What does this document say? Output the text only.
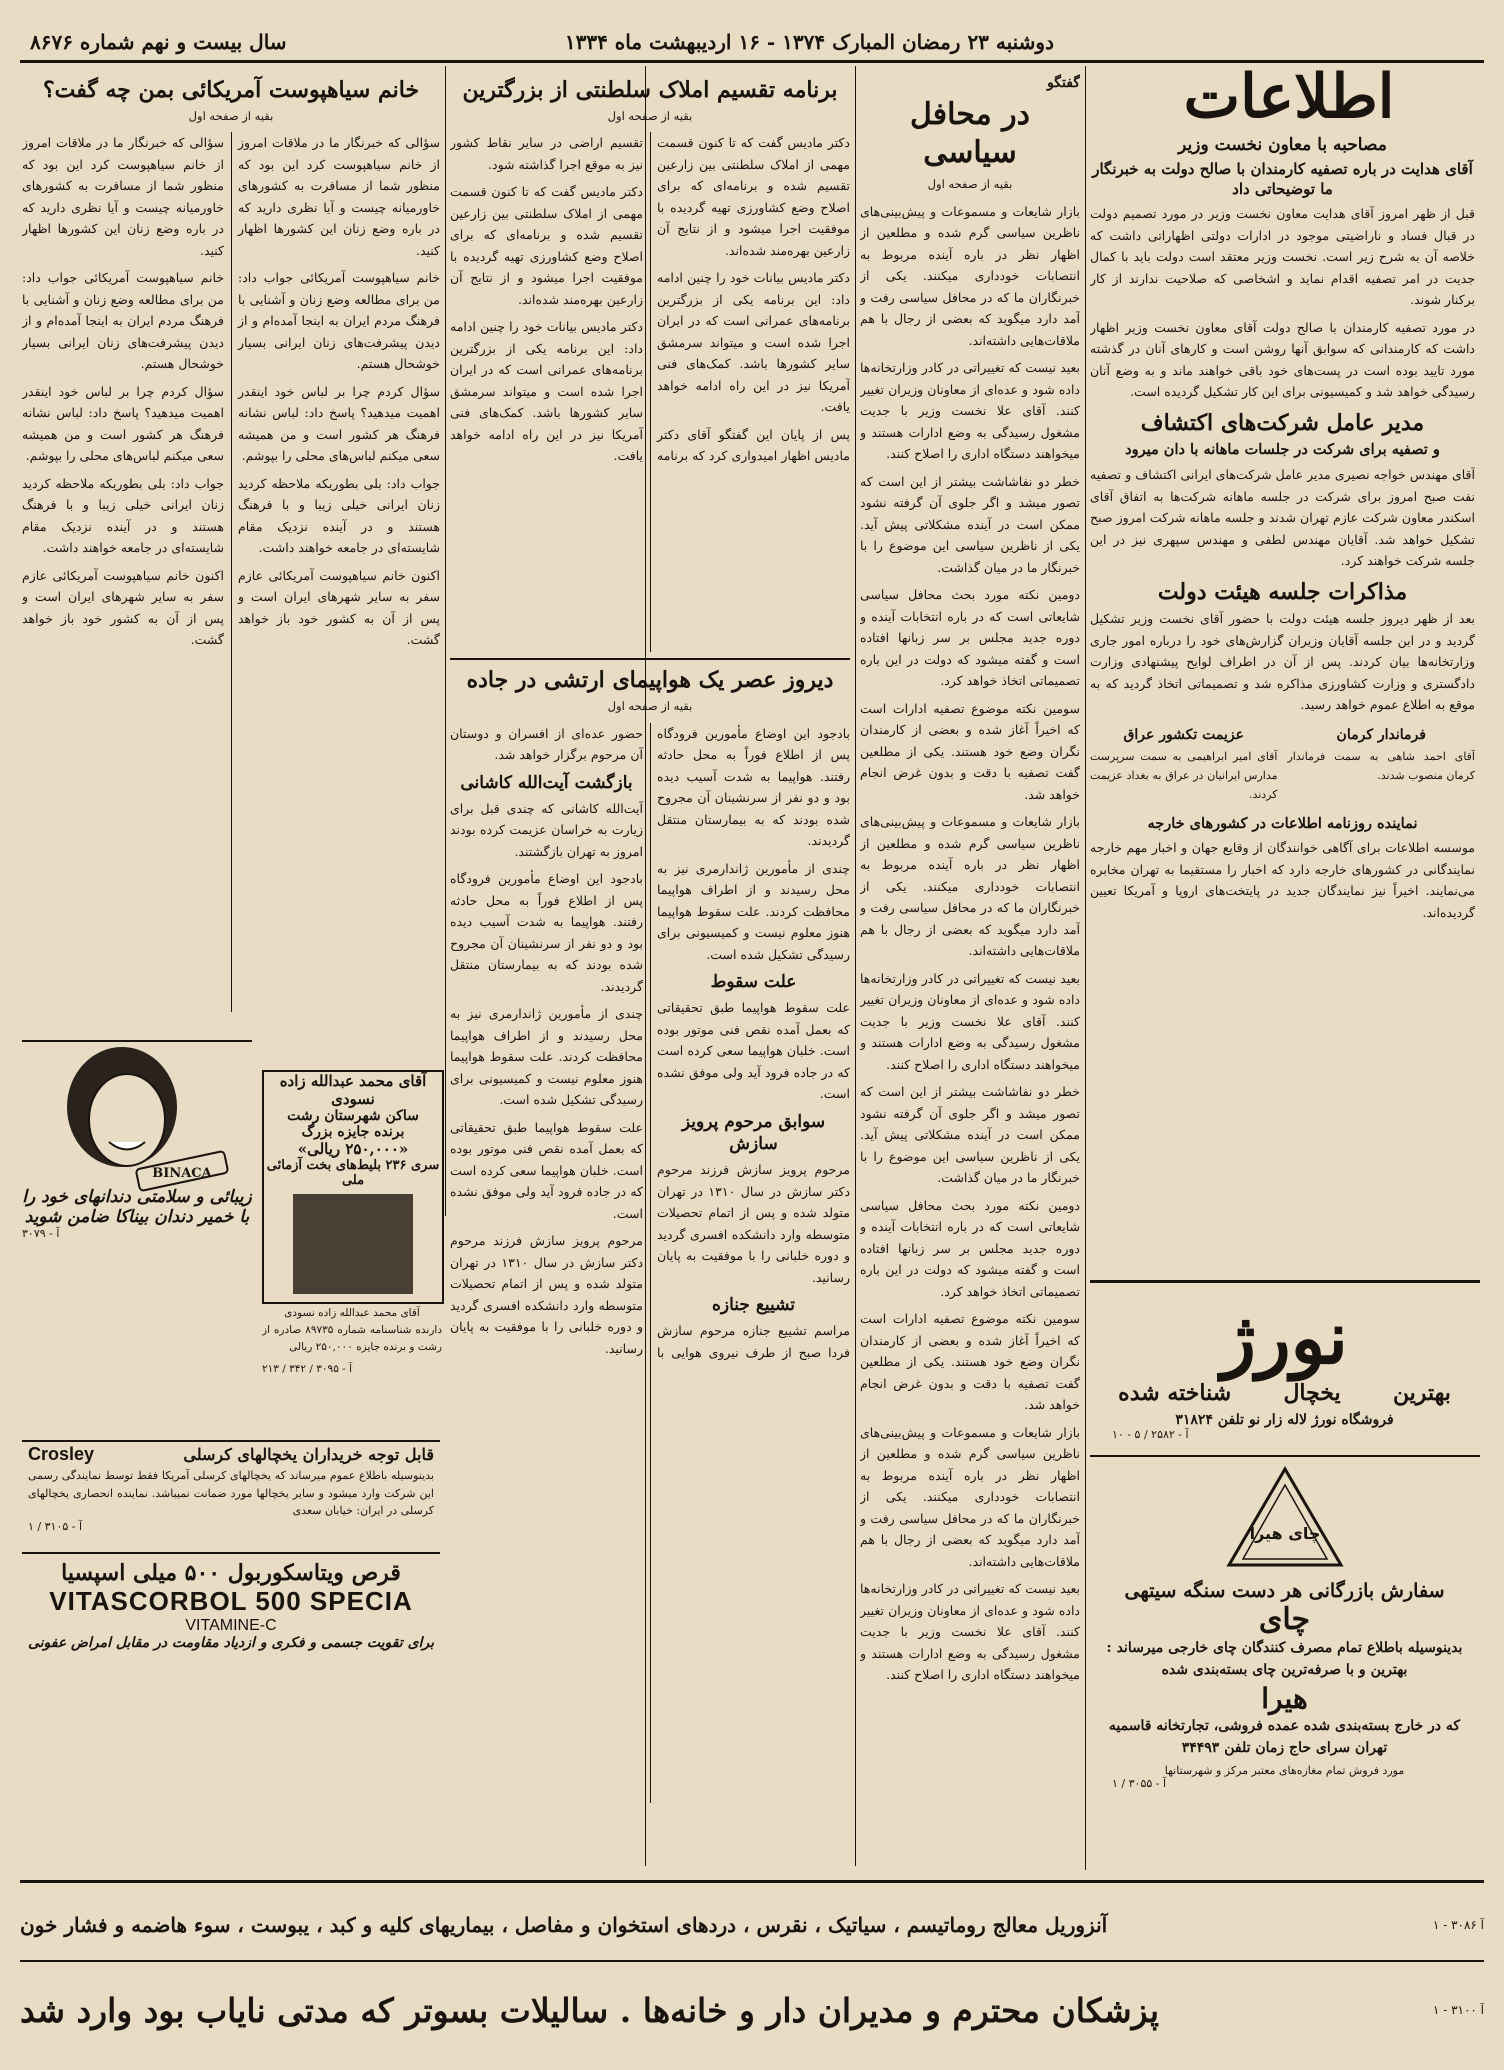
سال بیست و نهم شماره ۸۶۷۶	دوشنبه ۲۳ رمضان المبارک ۱۳۷۴ - ۱۶ اردیبهشت ماه ۱۳۳۴
اطلاعات
مصاحبه با معاون نخست وزیر
آقای هدایت در باره تصفیه کارمندان با صالح دولت به خبرنگار ما توضیحاتی داد

قبل از ظهر امروز آقای هدایت معاون نخست وزیر در مورد تصمیم دولت در قبال فساد و ناراضیتی موجود در ادارات دولتی اظهاراتی داشت که خلاصه آن به شرح زیر است. نخست وزیر معتقد است دولت باید با کمال جدیت در امر تصفیه اقدام نماید و اشخاصی که صلاحیت ندارند از کار برکنار شوند.

در مورد تصفیه کارمندان با صالح دولت آقای معاون نخست وزیر اظهار داشت که کارمندانی که سوابق آنها روشن است و کارهای آنان در گذشته مورد تایید بوده است در پست‌های خود باقی خواهند ماند و به وضع آنان رسیدگی خواهد شد و کمیسیونی برای این کار تشکیل گردیده است.

مدیر عامل شرکت‌های اکتشاف
و تصفیه برای شرکت در جلسات ماهانه با دان میرود

آقای مهندس خواجه نصیری مدیر عامل شرکت‌های ایرانی اکتشاف و تصفیه نفت صبح امروز برای شرکت در جلسه ماهانه شرکت‌ها به اتفاق آقای اسکندر معاون شرکت عازم تهران شدند و جلسه ماهانه شرکت امروز صبح تشکیل خواهد شد. آقایان مهندس لطفی و مهندس سپهری نیز در این جلسه شرکت خواهند کرد.

مذاکرات جلسه هیئت دولت

بعد از ظهر دیروز جلسه هیئت دولت با حضور آقای نخست وزیر تشکیل گردید و در این جلسه آقایان وزیران گزارش‌های خود را درباره امور جاری وزارتخانه‌ها بیان کردند. پس از آن در اطراف لوایح پیشنهادی وزارت دادگستری و وزارت کشاورزی مذاکره شد و تصمیماتی اتخاذ گردید که به موقع به اطلاع عموم خواهد رسید.

فرماندار کرمان

آقای احمد شاهی به سمت فرماندار کرمان منصوب شدند.

عزیمت تکشور عراق

آقای امیر ابراهیمی به سمت سرپرست مدارس ایرانیان در عراق به بغداد عزیمت کردند.

نماینده روزنامه اطلاعات در کشورهای خارجه

موسسه اطلاعات برای آگاهی خوانندگان از وقایع جهان و اخبار مهم خارجه نمایندگانی در کشورهای خارجه دارد که اخبار را مستقیما به تهران مخابره می‌نمایند. اخیراً نیز نمایندگان جدید در پایتخت‌های اروپا و آمریکا تعیین گردیده‌اند.

نورژ
بهترین
یخچال
شناخته شده
فروشگاه نورژ لاله زار نو تلفن ۳۱۸۲۴
آ - ۲۵۸۲ / ۵ - ۱۰
چای هیرا
سفارش بازرگانی هر دست سنگه سیتهی
چای
بدینوسیله باطلاع تمام مصرف کنندگان چای خارجی میرساند : بهترین و با صرفه‌ترین چای بسته‌بندی شده
هیرا
که در خارج بسته‌بندی شده عمده فروشی، تجارتخانه قاسمیه تهران سرای حاج زمان تلفن ۳۴۴۹۳
مورد فروش تمام مغازه‌های معتبر مرکز و شهرستانها
آ - ۳۰۵۵ / ۱
گفتگو
در محافل سیاسی
بقیه از صفحه اول

بازار شایعات و مسموعات و پیش‌بینی‌های ناظرین سیاسی گرم شده و مطلعین از اظهار نظر در باره آینده مربوط به انتصابات خودداری میکنند. یکی از خبرنگاران ما که در محافل سیاسی رفت و آمد دارد میگوید که بعضی از رجال با هم ملاقات‌هایی داشته‌اند.

بعید نیست که تغییراتی در کادر وزارتخانه‌ها داده شود و عده‌ای از معاونان وزیران تغییر کنند. آقای علا نخست وزیر با جدیت مشغول رسیدگی به وضع ادارات هستند و میخواهند دستگاه اداری را اصلاح کنند.

خطر دو نفاشاشت بیشتر از این است که تصور میشد و اگر جلوی آن گرفته نشود ممکن است در آینده مشکلاتی پیش آید. یکی از ناظرین سیاسی این موضوع را با خبرنگار ما در میان گذاشت.

دومین نکته مورد بحث محافل سیاسی شایعاتی است که در باره انتخابات آینده و دوره جدید مجلس بر سر زبانها افتاده است و گفته میشود که دولت در این باره تصمیماتی اتخاذ خواهد کرد.

سومین نکته موضوع تصفیه ادارات است که اخیراً آغاز شده و بعضی از کارمندان نگران وضع خود هستند. یکی از مطلعین گفت تصفیه با دقت و بدون غرض انجام خواهد شد.

بازار شایعات و مسموعات و پیش‌بینی‌های ناظرین سیاسی گرم شده و مطلعین از اظهار نظر در باره آینده مربوط به انتصابات خودداری میکنند. یکی از خبرنگاران ما که در محافل سیاسی رفت و آمد دارد میگوید که بعضی از رجال با هم ملاقات‌هایی داشته‌اند.

بعید نیست که تغییراتی در کادر وزارتخانه‌ها داده شود و عده‌ای از معاونان وزیران تغییر کنند. آقای علا نخست وزیر با جدیت مشغول رسیدگی به وضع ادارات هستند و میخواهند دستگاه اداری را اصلاح کنند.

خطر دو نفاشاشت بیشتر از این است که تصور میشد و اگر جلوی آن گرفته نشود ممکن است در آینده مشکلاتی پیش آید. یکی از ناظرین سیاسی این موضوع را با خبرنگار ما در میان گذاشت.

دومین نکته مورد بحث محافل سیاسی شایعاتی است که در باره انتخابات آینده و دوره جدید مجلس بر سر زبانها افتاده است و گفته میشود که دولت در این باره تصمیماتی اتخاذ خواهد کرد.

سومین نکته موضوع تصفیه ادارات است که اخیراً آغاز شده و بعضی از کارمندان نگران وضع خود هستند. یکی از مطلعین گفت تصفیه با دقت و بدون غرض انجام خواهد شد.

بازار شایعات و مسموعات و پیش‌بینی‌های ناظرین سیاسی گرم شده و مطلعین از اظهار نظر در باره آینده مربوط به انتصابات خودداری میکنند. یکی از خبرنگاران ما که در محافل سیاسی رفت و آمد دارد میگوید که بعضی از رجال با هم ملاقات‌هایی داشته‌اند.

بعید نیست که تغییراتی در کادر وزارتخانه‌ها داده شود و عده‌ای از معاونان وزیران تغییر کنند. آقای علا نخست وزیر با جدیت مشغول رسیدگی به وضع ادارات هستند و میخواهند دستگاه اداری را اصلاح کنند.

برنامه تقسیم املاک سلطنتی از بزرگترین
بقیه از صفحه اول

دکتر مادیس گفت که تا کنون قسمت مهمی از املاک سلطنتی بین زارعین تقسیم شده و برنامه‌ای که برای اصلاح وضع کشاورزی تهیه گردیده با موفقیت اجرا میشود و از نتایج آن زارعین بهره‌مند شده‌اند.

دکتر مادیس بیانات خود را چنین ادامه داد: این برنامه یکی از بزرگترین برنامه‌های عمرانی است که در ایران اجرا شده است و میتواند سرمشق سایر کشورها باشد. کمک‌های فنی آمریکا نیز در این راه ادامه خواهد یافت.

پس از پایان این گفتگو آقای دکتر مادیس اظهار امیدواری کرد که برنامه تقسیم اراضی در سایر نقاط کشور نیز به موقع اجرا گذاشته شود.

دکتر مادیس گفت که تا کنون قسمت مهمی از املاک سلطنتی بین زارعین تقسیم شده و برنامه‌ای که برای اصلاح وضع کشاورزی تهیه گردیده با موفقیت اجرا میشود و از نتایج آن زارعین بهره‌مند شده‌اند.

دکتر مادیس بیانات خود را چنین ادامه داد: این برنامه یکی از بزرگترین برنامه‌های عمرانی است که در ایران اجرا شده است و میتواند سرمشق سایر کشورها باشد. کمک‌های فنی آمریکا نیز در این راه ادامه خواهد یافت.

دیروز عصر یک هواپیمای ارتشی در جاده
بقیه از صفحه اول

بادجود این اوضاع مأمورین فرودگاه پس از اطلاع فوراً به محل حادثه رفتند. هواپیما به شدت آسیب دیده بود و دو نفر از سرنشینان آن مجروح شده بودند که به بیمارستان منتقل گردیدند.

چندی از مأمورین ژاندارمری نیز به محل رسیدند و از اطراف هواپیما محافظت کردند. علت سقوط هواپیما هنوز معلوم نیست و کمیسیونی برای رسیدگی تشکیل شده است.

علت سقوط

علت سقوط هواپیما طبق تحقیقاتی که بعمل آمده نقص فنی موتور بوده است. خلبان هواپیما سعی کرده است که در جاده فرود آید ولی موفق نشده است.

سوابق مرحوم پرویز سازش

مرحوم پرویز سازش فرزند مرحوم دکتر سازش در سال ۱۳۱۰ در تهران متولد شده و پس از اتمام تحصیلات متوسطه وارد دانشکده افسری گردید و دوره خلبانی را با موفقیت به پایان رسانید.

تشییع جنازه

مراسم تشییع جنازه مرحوم سازش فردا صبح از طرف نیروی هوایی با حضور عده‌ای از افسران و دوستان آن مرحوم برگزار خواهد شد.

بازگشت آیت‌الله کاشانی

آیت‌الله کاشانی که چندی قبل برای زیارت به خراسان عزیمت کرده بودند امروز به تهران بازگشتند.

بادجود این اوضاع مأمورین فرودگاه پس از اطلاع فوراً به محل حادثه رفتند. هواپیما به شدت آسیب دیده بود و دو نفر از سرنشینان آن مجروح شده بودند که به بیمارستان منتقل گردیدند.

چندی از مأمورین ژاندارمری نیز به محل رسیدند و از اطراف هواپیما محافظت کردند. علت سقوط هواپیما هنوز معلوم نیست و کمیسیونی برای رسیدگی تشکیل شده است.

علت سقوط هواپیما طبق تحقیقاتی که بعمل آمده نقص فنی موتور بوده است. خلبان هواپیما سعی کرده است که در جاده فرود آید ولی موفق نشده است.

مرحوم پرویز سازش فرزند مرحوم دکتر سازش در سال ۱۳۱۰ در تهران متولد شده و پس از اتمام تحصیلات متوسطه وارد دانشکده افسری گردید و دوره خلبانی را با موفقیت به پایان رسانید.

خانم سیاهپوست آمریکائی بمن چه گفت؟
بقیه از صفحه اول

سؤالی که خبرنگار ما در ملاقات امروز از خانم سیاهپوست کرد این بود که منظور شما از مسافرت به کشورهای خاورمیانه چیست و آیا نظری دارید که در باره وضع زنان این کشورها اظهار کنید.

خانم سیاهپوست آمریکائی جواب داد: من برای مطالعه وضع زنان و آشنایی با فرهنگ مردم ایران به اینجا آمده‌ام و از دیدن پیشرفت‌های زنان ایرانی بسیار خوشحال هستم.

سؤال کردم چرا بر لباس خود اینقدر اهمیت میدهید؟ پاسخ داد: لباس نشانه فرهنگ هر کشور است و من همیشه سعی میکنم لباس‌های محلی را بپوشم.

جواب داد: بلی بطوریکه ملاحظه کردید زنان ایرانی خیلی زیبا و با فرهنگ هستند و در آینده نزدیک مقام شایسته‌ای در جامعه خواهند داشت.

اکنون خانم سیاهپوست آمریکائی عازم سفر به سایر شهرهای ایران است و پس از آن به کشور خود باز خواهد گشت.

سؤالی که خبرنگار ما در ملاقات امروز از خانم سیاهپوست کرد این بود که منظور شما از مسافرت به کشورهای خاورمیانه چیست و آیا نظری دارید که در باره وضع زنان این کشورها اظهار کنید.

خانم سیاهپوست آمریکائی جواب داد: من برای مطالعه وضع زنان و آشنایی با فرهنگ مردم ایران به اینجا آمده‌ام و از دیدن پیشرفت‌های زنان ایرانی بسیار خوشحال هستم.

سؤال کردم چرا بر لباس خود اینقدر اهمیت میدهید؟ پاسخ داد: لباس نشانه فرهنگ هر کشور است و من همیشه سعی میکنم لباس‌های محلی را بپوشم.

جواب داد: بلی بطوریکه ملاحظه کردید زنان ایرانی خیلی زیبا و با فرهنگ هستند و در آینده نزدیک مقام شایسته‌ای در جامعه خواهند داشت.

اکنون خانم سیاهپوست آمریکائی عازم سفر به سایر شهرهای ایران است و پس از آن به کشور خود باز خواهد گشت.

BINACA
زیبائی و سلامتی دندانهای خود را
با خمیر دندان بیناکا ضامن شوید
آ - ۳۰۷۹
آقای محمد عبدالله زاده نسودی
ساکن شهرستان رشت
برنده جایزه بزرگ
«۲۵۰,۰۰۰ ریالی»
سری ۲۳۶ بلیط‌های بخت آزمائی ملی
آقای محمد عبدالله زاده نسودی

دارنده شناسنامه شماره ۸۹۷۳۵ صادره از رشت و برنده جایزه ۲۵۰,۰۰۰ ریالی

آ - ۳۰۹۵ / ۳۴۲ / ۲۱۳
قابل توجه خریداران یخچالهای کرسلی
Crosley
بدینوسیله باطلاع عموم میرساند که یخچالهای کرسلی آمریکا فقط توسط نمایندگی رسمی این شرکت وارد میشود و سایر یخچالها مورد ضمانت نمیباشد. نماینده انحصاری یخچالهای کرسلی در ایران: خیابان سعدی
آ - ۳۱۰۵ / ۱
قرص ویتاسکوربول ۵۰۰ میلی اسپسیا
VITASCORBOL 500 SPECIA
VITAMINE-C
برای تقویت جسمی و فکری و ازدیاد مقاومت در مقابل امراض عفونی
آ ۳۰۸۶ - ۱
آنزوریل معالج روماتیسم ، سیاتیک ، نقرس ، دردهای استخوان و مفاصل ، بیماریهای کلیه و کبد ، یبوست ، سوء هاضمه و فشار خون
آ ۳۱۰۰ - ۱
پزشکان محترم و مدیران دار و خانه‌ها . سالیلات بسوتر که مدتی نایاب بود وارد شد
